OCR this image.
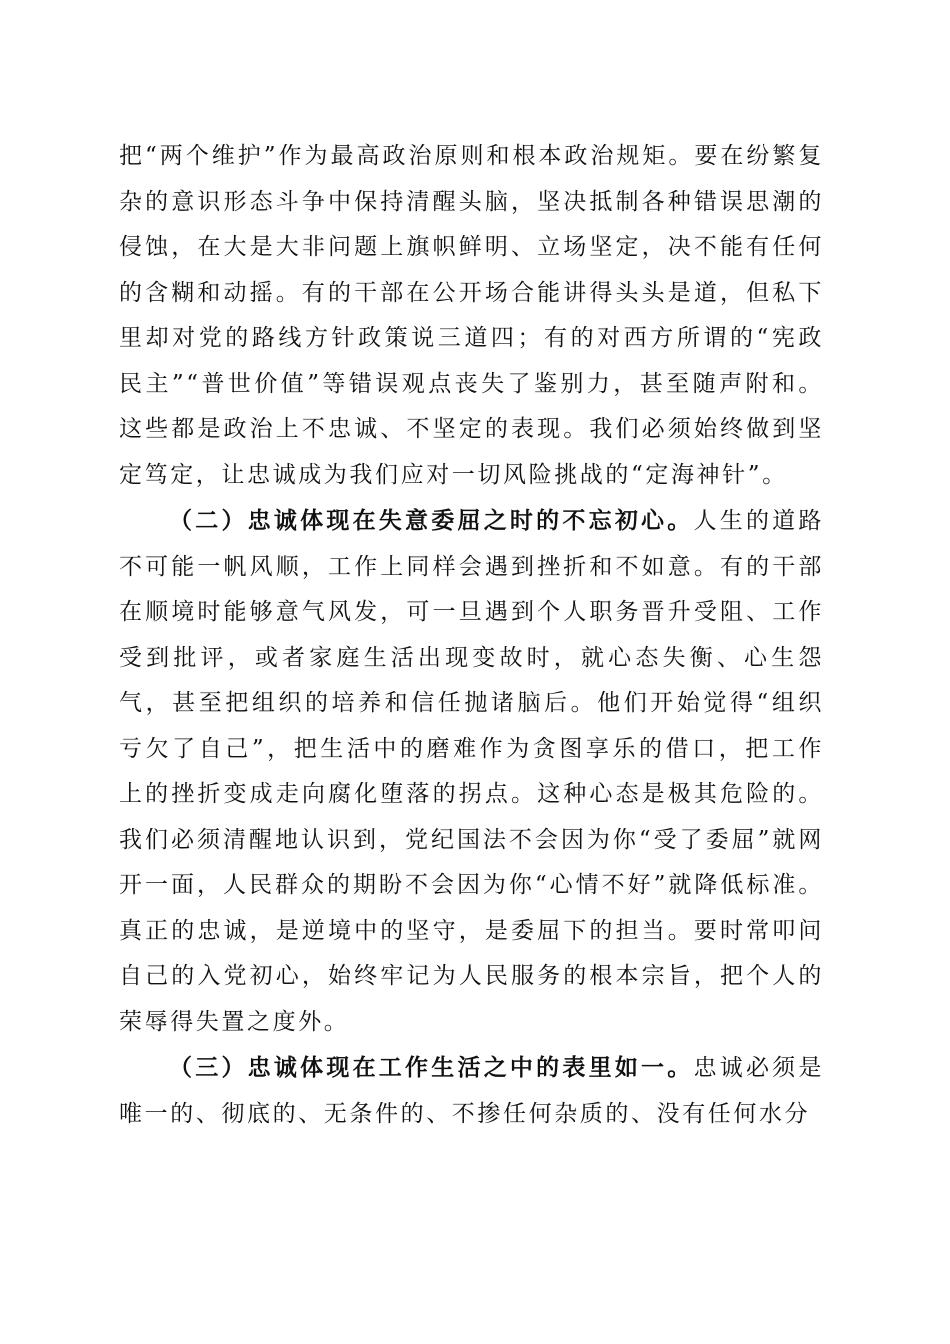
把“两个维护”作为最高政治原则和根本政治规矩。要在纷繁复杂的意识形态斗争中保持清醒头脑，坚决抵制各种错误思潮的侵蚀，在大是大非问题上旗帜鲜明、立场坚定，决不能有任何的含糊和动摇。有的干部在公开场合能讲得头头是道，但私下里却对党的路线方针政策说三道四；有的对西方所谓的“宪政民主”“普世价值”等错误观点丧失了鉴别力，甚至随声附和。这些都是政治上不忠诚、不坚定的表现。我们必须始终做到坚定笃定，让忠诚成为我们应对一切风险挑战的“定海神针”。

（二）忠诚体现在失意委屈之时的不忘初心。人生的道路不可能一帆风顺，工作上同样会遇到挫折和不如意。有的干部在顺境时能够意气风发，可一旦遇到个人职务晋升受阻、工作受到批评，或者家庭生活出现变故时，就心态失衡、心生怨气，甚至把组织的培养和信任抛诸脑后。他们开始觉得“组织亏欠了自己”，把生活中的磨难作为贪图享乐的借口，把工作上的挫折变成走向腐化堕落的拐点。这种心态是极其危险的。我们必须清醒地认识到，党纪国法不会因为你“受了委屈”就网开一面，人民群众的期盼不会因为你“心情不好”就降低标准。真正的忠诚，是逆境中的坚守，是委屈下的担当。要时常叩问自己的入党初心，始终牢记为人民服务的根本宗旨，把个人的荣辱得失置之度外。

（三）忠诚体现在工作生活之中的表里如一。忠诚必须是唯一的、彻底的、无条件的、不掺任何杂质的、没有任何水分
